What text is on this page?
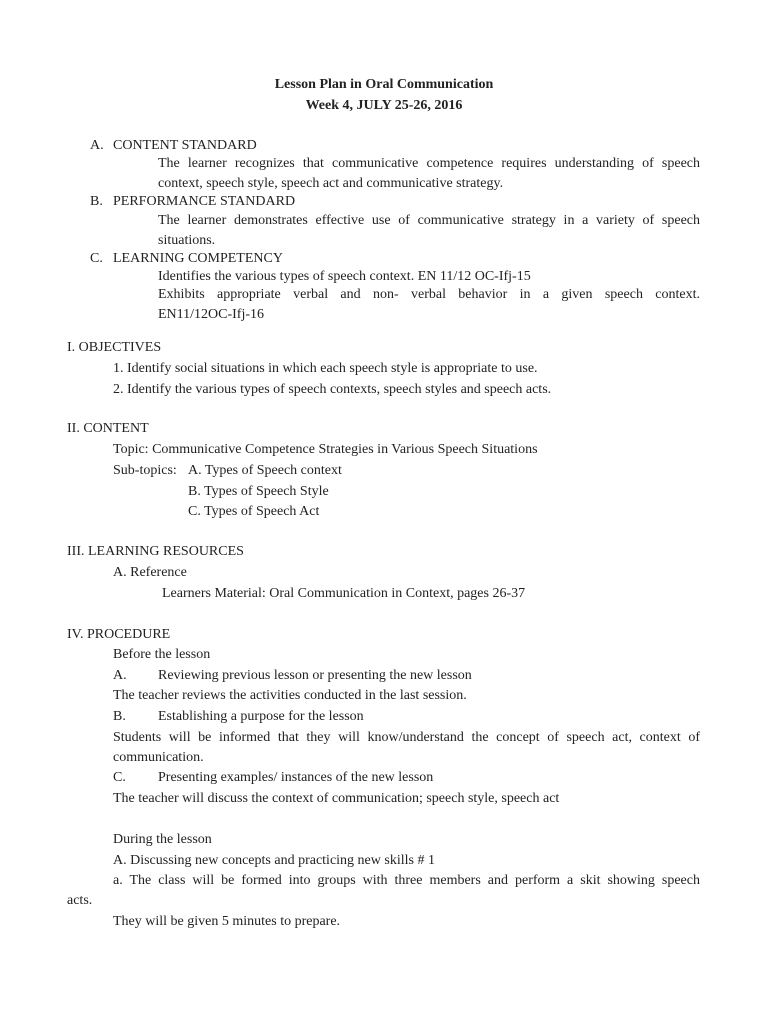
Lesson Plan in Oral Communication
Week 4, JULY 25-26, 2016
A. CONTENT STANDARD
The learner recognizes that communicative competence requires understanding of speech
context, speech style, speech act and communicative strategy.
B. PERFORMANCE STANDARD
The learner demonstrates effective use of communicative strategy in a variety of speech
situations.
C. LEARNING COMPETENCY
Identifies the various types of speech context. EN 11/12 OC-Ifj-15
Exhibits appropriate verbal and non- verbal behavior in a given speech context.
EN11/12OC-Ifj-16
I. OBJECTIVES
1. Identify social situations in which each speech style is appropriate to use.
2. Identify the various types of speech contexts, speech styles and speech acts.
II. CONTENT
Topic: Communicative Competence Strategies in Various Speech Situations
Sub-topics: A. Types of Speech context
B. Types of Speech Style
C. Types of Speech Act
III. LEARNING RESOURCES
A. Reference
Learners Material: Oral Communication in Context, pages 26-37
IV. PROCEDURE
Before the lesson
A. Reviewing previous lesson or presenting the new lesson
The teacher reviews the activities conducted in the last session.
B. Establishing a purpose for the lesson
Students will be informed that they will know/understand the concept of speech act, context of
communication.
C. Presenting examples/ instances of the new lesson
The teacher will discuss the context of communication; speech style, speech act
During the lesson
A. Discussing new concepts and practicing new skills # 1
a. The class will be formed into groups with three members and perform a skit showing speech
acts.
They will be given 5 minutes to prepare.
